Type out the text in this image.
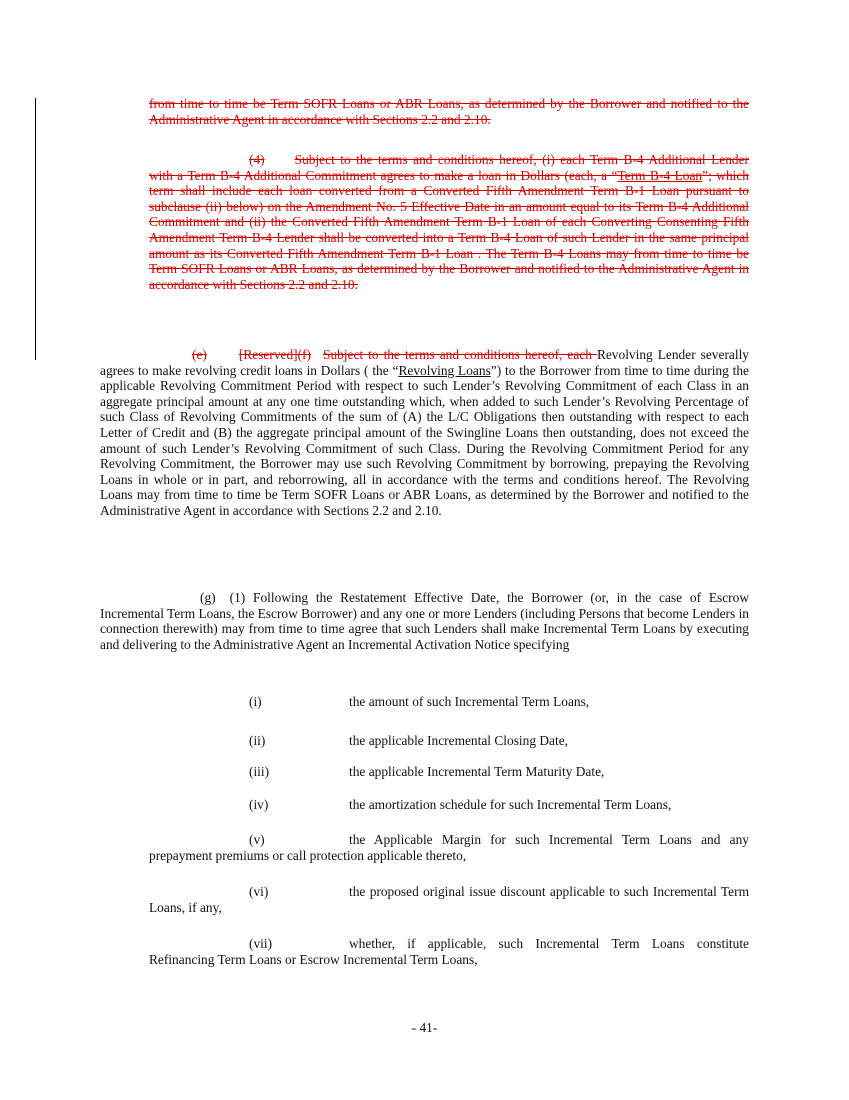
from time to time be Term SOFR Loans or ABR Loans, as determined by the Borrower and notified to the Administrative Agent in accordance with Sections 2.2 and 2.10.
(4) Subject to the terms and conditions hereof, (i) each Term B-4 Additional Lender with a Term B-4 Additional Commitment agrees to make a loan in Dollars (each, a “Term B-4 Loan”; which term shall include each loan converted from a Converted Fifth Amendment Term B-1 Loan pursuant to subclause (ii) below) on the Amendment No. 5 Effective Date in an amount equal to its Term B-4 Additional Commitment and (ii) the Converted Fifth Amendment Term B-1 Loan of each Converting Consenting Fifth Amendment Term B-4 Lender shall be converted into a Term B-4 Loan of such Lender in the same principal amount as its Converted Fifth Amendment Term B-1 Loan . The Term B-4 Loans may from time to time be Term SOFR Loans or ABR Loans, as determined by the Borrower and notified to the Administrative Agent in accordance with Sections 2.2 and 2.10.
(e) [Reserved](f) Subject to the terms and conditions hereof, each Revolving Lender severally agrees to make revolving credit loans in Dollars ( the “Revolving Loans”) to the Borrower from time to time during the applicable Revolving Commitment Period with respect to such Lender’s Revolving Commitment of each Class in an aggregate principal amount at any one time outstanding which, when added to such Lender’s Revolving Percentage of such Class of Revolving Commitments of the sum of (A) the L/C Obligations then outstanding with respect to each Letter of Credit and (B) the aggregate principal amount of the Swingline Loans then outstanding, does not exceed the amount of such Lender’s Revolving Commitment of such Class. During the Revolving Commitment Period for any Revolving Commitment, the Borrower may use such Revolving Commitment by borrowing, prepaying the Revolving Loans in whole or in part, and reborrowing, all in accordance with the terms and conditions hereof. The Revolving Loans may from time to time be Term SOFR Loans or ABR Loans, as determined by the Borrower and notified to the Administrative Agent in accordance with Sections 2.2 and 2.10.
(g) (1) Following the Restatement Effective Date, the Borrower (or, in the case of Escrow Incremental Term Loans, the Escrow Borrower) and any one or more Lenders (including Persons that become Lenders in connection therewith) may from time to time agree that such Lenders shall make Incremental Term Loans by executing and delivering to the Administrative Agent an Incremental Activation Notice specifying
(i)	the amount of such Incremental Term Loans,
(ii)	the applicable Incremental Closing Date,
(iii)	the applicable Incremental Term Maturity Date,
(iv)	the amortization schedule for such Incremental Term Loans,
(v)	the Applicable Margin for such Incremental Term Loans and any prepayment premiums or call protection applicable thereto,
(vi)	the proposed original issue discount applicable to such Incremental Term Loans, if any,
(vii)	whether, if applicable, such Incremental Term Loans constitute Refinancing Term Loans or Escrow Incremental Term Loans,
- 41-
